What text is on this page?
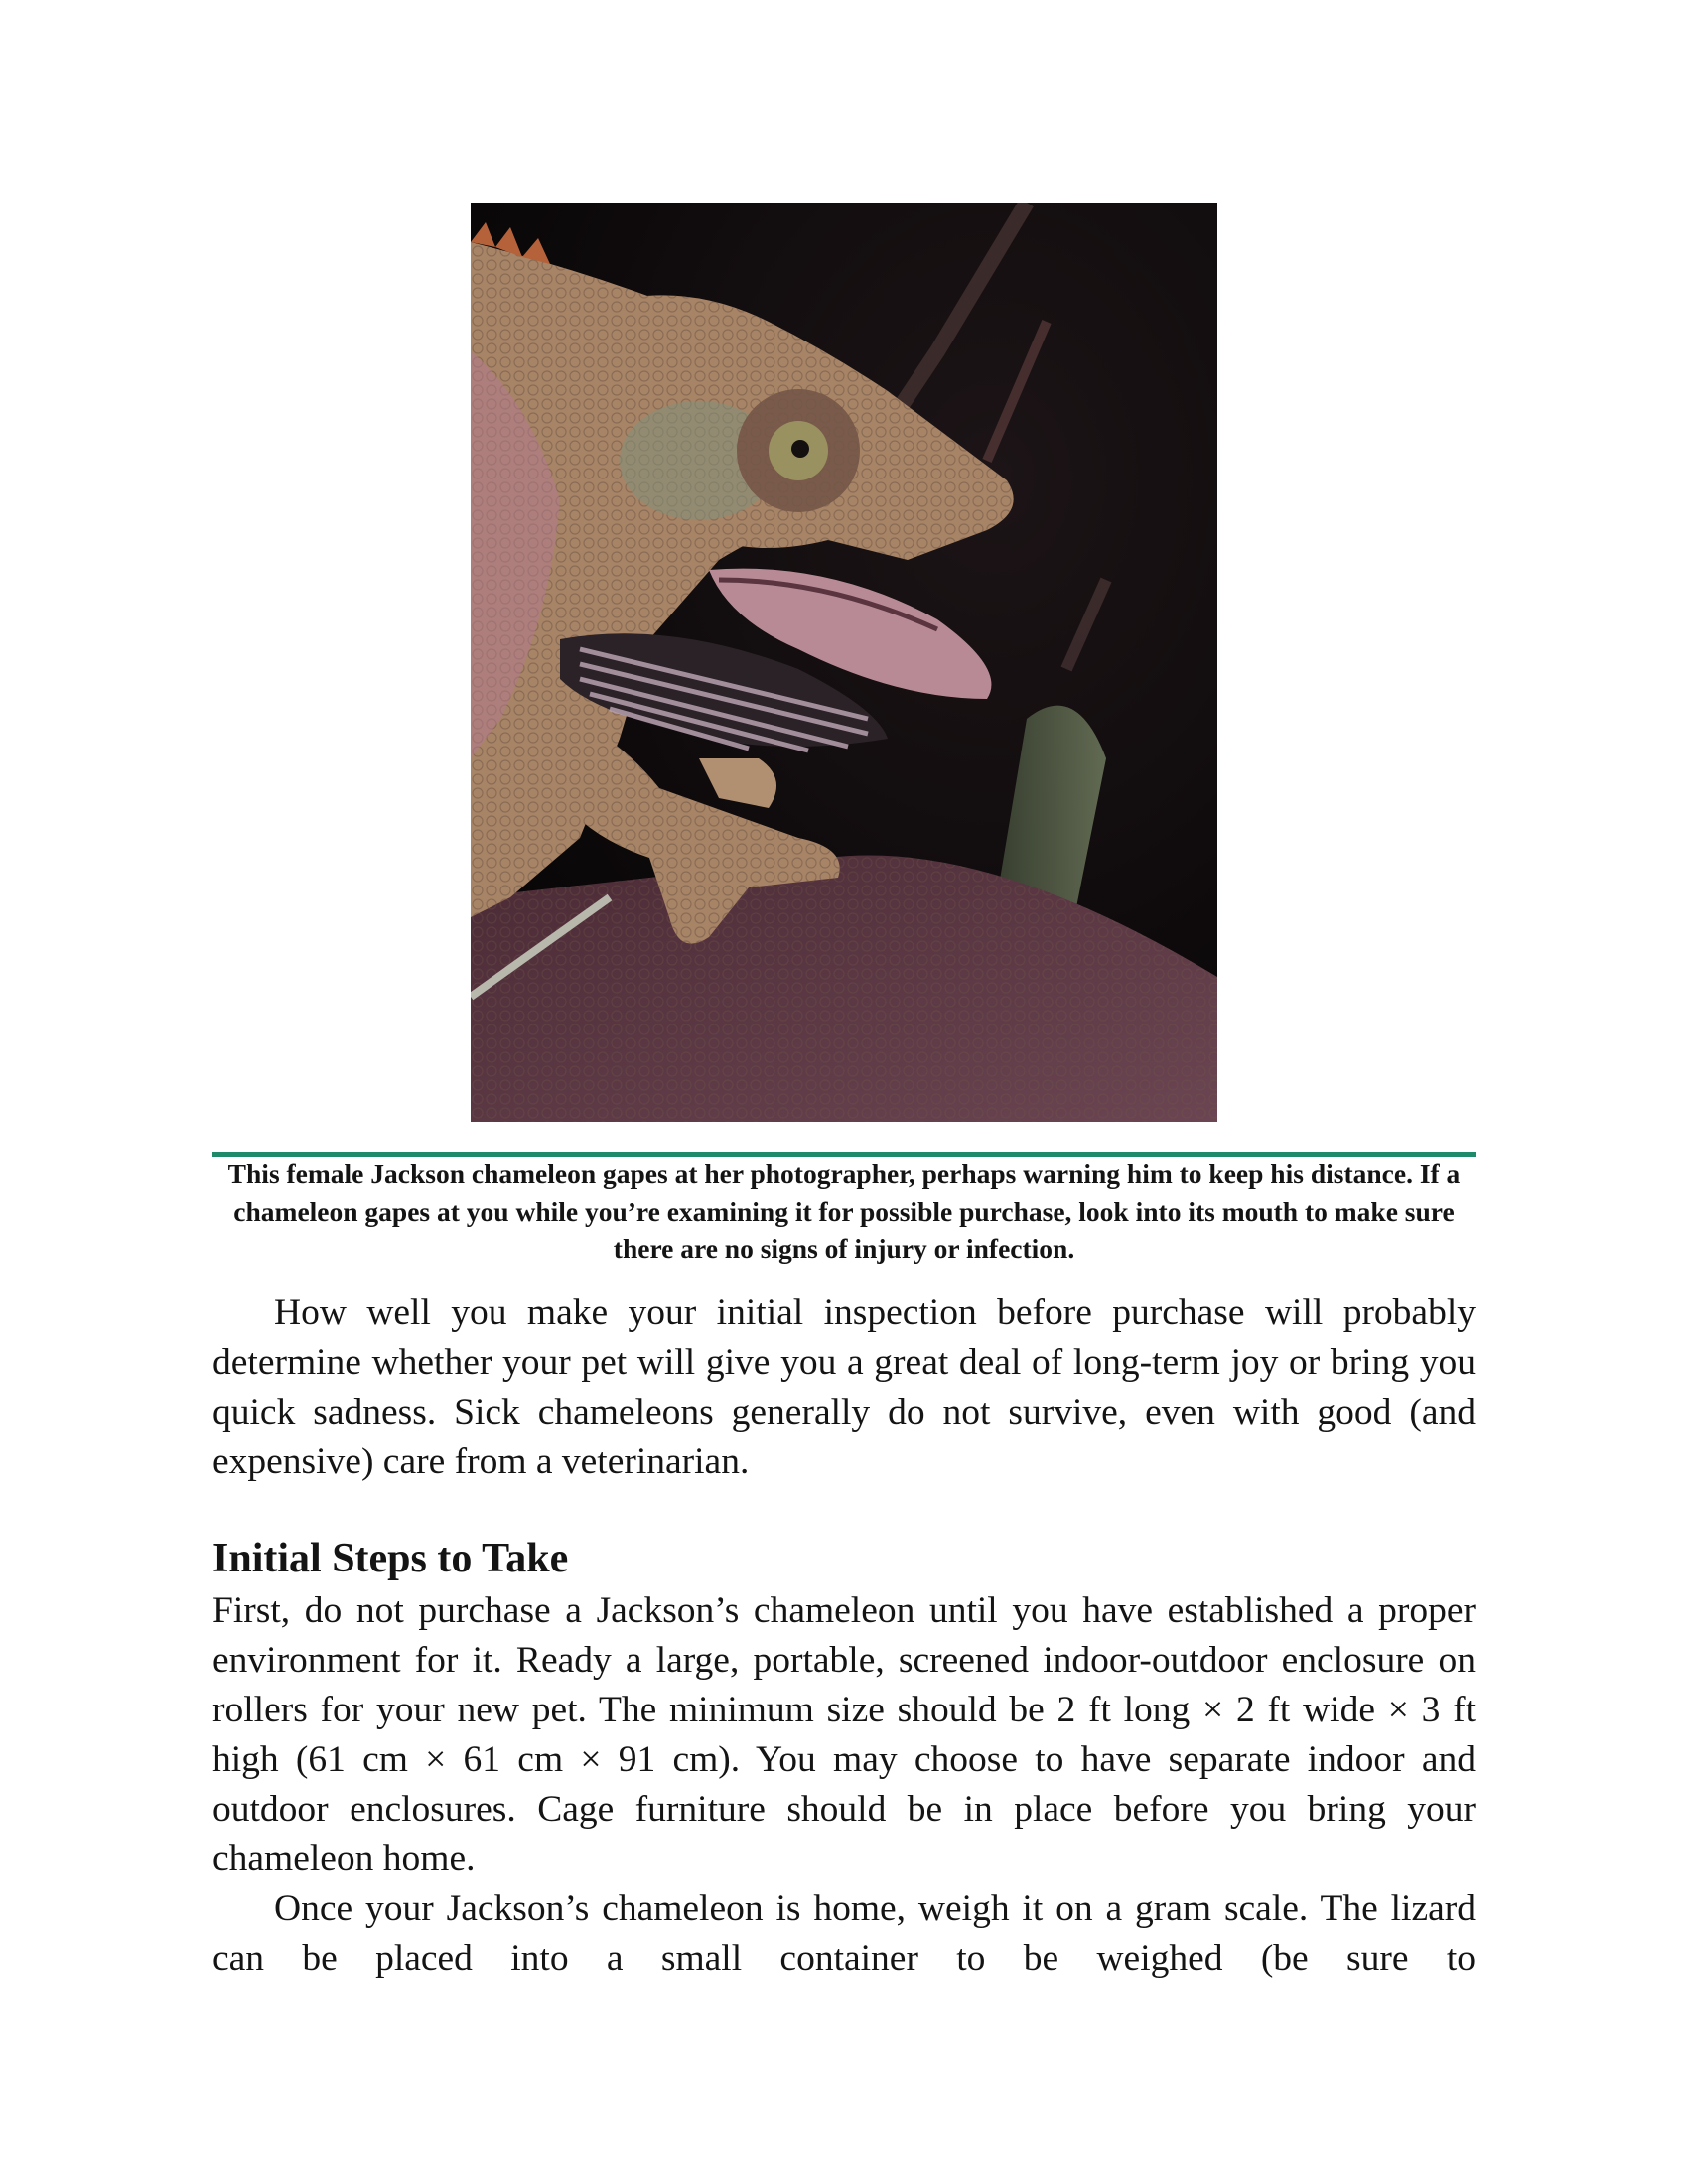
This female Jackson chameleon gapes at her photographer, perhaps warning him to keep his distance. If a chameleon gapes at you while you’re examining it for possible purchase, look into its mouth to make sure there are no signs of injury or infection.

How well you make your initial inspection before purchase will probably determine whether your pet will give you a great deal of long-term joy or bring you quick sadness. Sick chameleons generally do not survive, even with good (and expensive) care from a veterinarian.

Initial Steps to Take

First, do not purchase a Jackson’s chameleon until you have established a proper environment for it. Ready a large, portable, screened indoor-outdoor enclosure on rollers for your new pet. The minimum size should be 2 ft long × 2 ft wide × 3 ft high (61 cm × 61 cm × 91 cm). You may choose to have separate indoor and outdoor enclosures. Cage furniture should be in place before you bring your chameleon home.

Once your Jackson’s chameleon is home, weigh it on a gram scale. The lizard can be placed into a small container to be weighed (be sure to
